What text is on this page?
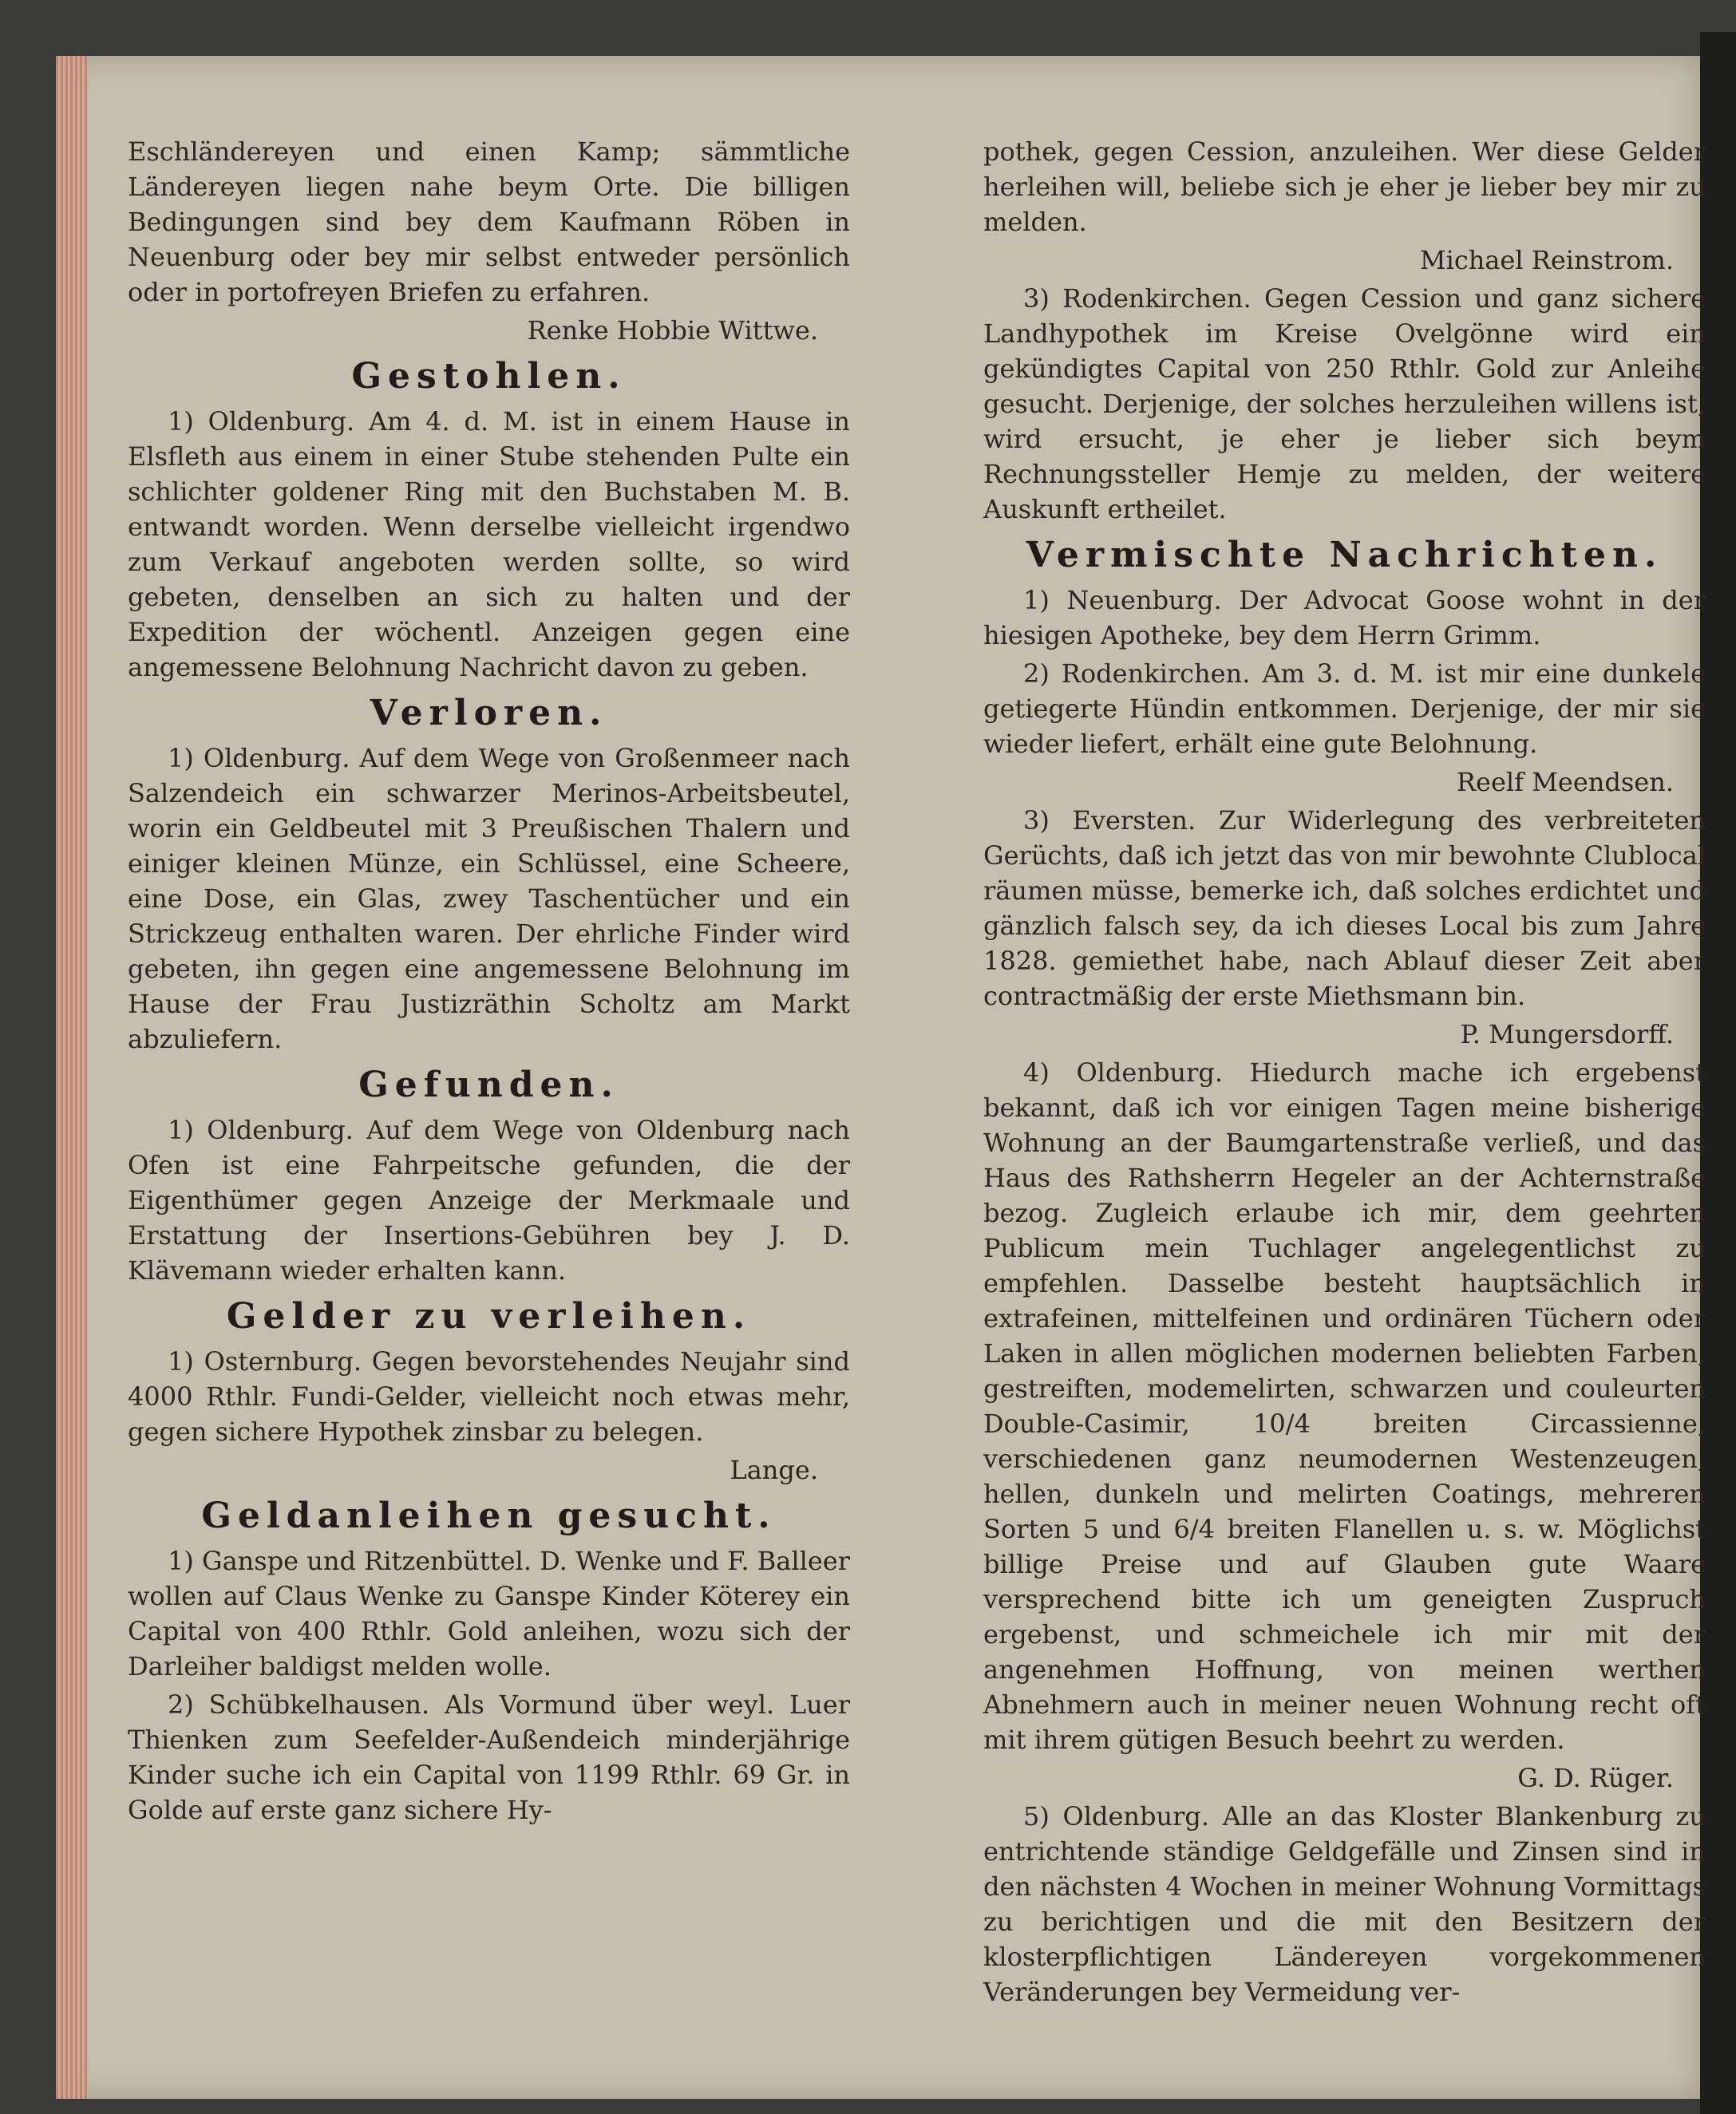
Eschländereyen und einen Kamp; sämmtliche Ländereyen liegen nahe beym Orte. Die billigen Bedingungen sind bey dem Kaufmann Röben in Neuenburg oder bey mir selbst entweder persönlich oder in portofreyen Briefen zu erfahren.

Renke Hobbie Wittwe.

Gestohlen.

1) Oldenburg. Am 4. d. M. ist in einem Hause in Elsfleth aus einem in einer Stube stehenden Pulte ein schlichter goldener Ring mit den Buchstaben M. B. entwandt worden. Wenn derselbe vielleicht irgendwo zum Verkauf angeboten werden sollte, so wird gebeten, denselben an sich zu halten und der Expedition der wöchentl. Anzeigen gegen eine angemessene Belohnung Nachricht davon zu geben.

Verloren.

1) Oldenburg. Auf dem Wege von Großenmeer nach Salzendeich ein schwarzer Merinos-Arbeitsbeutel, worin ein Geldbeutel mit 3 Preußischen Thalern und einiger kleinen Münze, ein Schlüssel, eine Scheere, eine Dose, ein Glas, zwey Taschentücher und ein Strickzeug enthalten waren. Der ehrliche Finder wird gebeten, ihn gegen eine angemessene Belohnung im Hause der Frau Justizräthin Scholtz am Markt abzuliefern.

Gefunden.

1) Oldenburg. Auf dem Wege von Oldenburg nach Ofen ist eine Fahrpeitsche gefunden, die der Eigenthümer gegen Anzeige der Merkmaale und Erstattung der Insertions-Gebühren bey J. D. Klävemann wieder erhalten kann.

Gelder zu verleihen.

1) Osternburg. Gegen bevorstehendes Neujahr sind 4000 Rthlr. Fundi-Gelder, vielleicht noch etwas mehr, gegen sichere Hypothek zinsbar zu belegen.

Lange.

Geldanleihen gesucht.

1) Ganspe und Ritzenbüttel. D. Wenke und F. Balleer wollen auf Claus Wenke zu Ganspe Kinder Köterey ein Capital von 400 Rthlr. Gold anleihen, wozu sich der Darleiher baldigst melden wolle.

2) Schübkelhausen. Als Vormund über weyl. Luer Thienken zum Seefelder-Außendeich minderjährige Kinder suche ich ein Capital von 1199 Rthlr. 69 Gr. in Golde auf erste ganz sichere Hy-

pothek, gegen Cession, anzuleihen. Wer diese Gelder herleihen will, beliebe sich je eher je lieber bey mir zu melden.

Michael Reinstrom.

3) Rodenkirchen. Gegen Cession und ganz sichere Landhypothek im Kreise Ovelgönne wird ein gekündigtes Capital von 250 Rthlr. Gold zur Anleihe gesucht. Derjenige, der solches herzuleihen willens ist, wird ersucht, je eher je lieber sich beym Rechnungssteller Hemje zu melden, der weitere Auskunft ertheilet.

Vermischte Nachrichten.

1) Neuenburg. Der Advocat Goose wohnt in der hiesigen Apotheke, bey dem Herrn Grimm.

2) Rodenkirchen. Am 3. d. M. ist mir eine dunkele getiegerte Hündin entkommen. Derjenige, der mir sie wieder liefert, erhält eine gute Belohnung.

Reelf Meendsen.

3) Eversten. Zur Widerlegung des verbreiteten Gerüchts, daß ich jetzt das von mir bewohnte Clublocal räumen müsse, bemerke ich, daß solches erdichtet und gänzlich falsch sey, da ich dieses Local bis zum Jahre 1828. gemiethet habe, nach Ablauf dieser Zeit aber contractmäßig der erste Miethsmann bin.

P. Mungersdorff.

4) Oldenburg. Hiedurch mache ich ergebenst bekannt, daß ich vor einigen Tagen meine bisherige Wohnung an der Baumgartenstraße verließ, und das Haus des Rathsherrn Hegeler an der Achternstraße bezog. Zugleich erlaube ich mir, dem geehrten Publicum mein Tuchlager angelegentlichst zu empfehlen. Dasselbe besteht hauptsächlich in extrafeinen, mittelfeinen und ordinären Tüchern oder Laken in allen möglichen modernen beliebten Farben, gestreiften, modemelirten, schwarzen und couleurten Double-Casimir, 10/4 breiten Circassienne, verschiedenen ganz neumodernen Westenzeugen, hellen, dunkeln und melirten Coatings, mehreren Sorten 5 und 6/4 breiten Flanellen u. s. w. Möglichst billige Preise und auf Glauben gute Waare versprechend bitte ich um geneigten Zuspruch ergebenst, und schmeichele ich mir mit der angenehmen Hoffnung, von meinen werthen Abnehmern auch in meiner neuen Wohnung recht oft mit ihrem gütigen Besuch beehrt zu werden.

G. D. Rüger.

5) Oldenburg. Alle an das Kloster Blankenburg zu entrichtende ständige Geldgefälle und Zinsen sind in den nächsten 4 Wochen in meiner Wohnung Vormittags zu berichtigen und die mit den Besitzern der klosterpflichtigen Ländereyen vorgekommenen Veränderungen bey Vermeidung ver-
